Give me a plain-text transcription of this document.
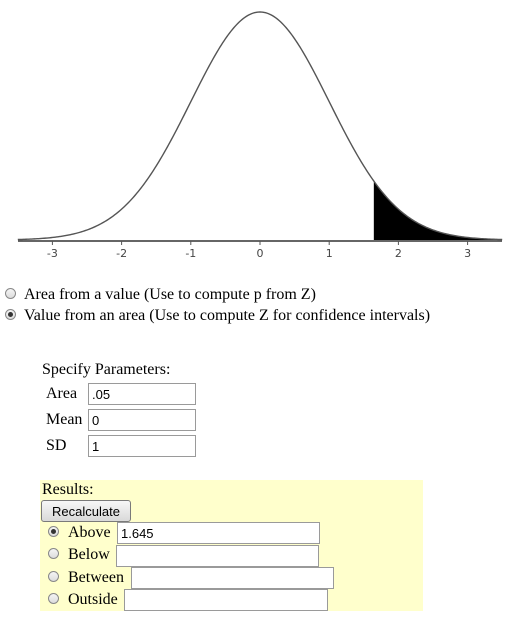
-3	-2	-1	0	1	2	3
Area from a value (Use to compute p from Z)
Value from an area (Use to compute Z for confidence intervals)
Specify Parameters:
Area
.05
Mean
0
SD
1
Results:
Recalculate
Above
1.645
Below
Between
Outside
